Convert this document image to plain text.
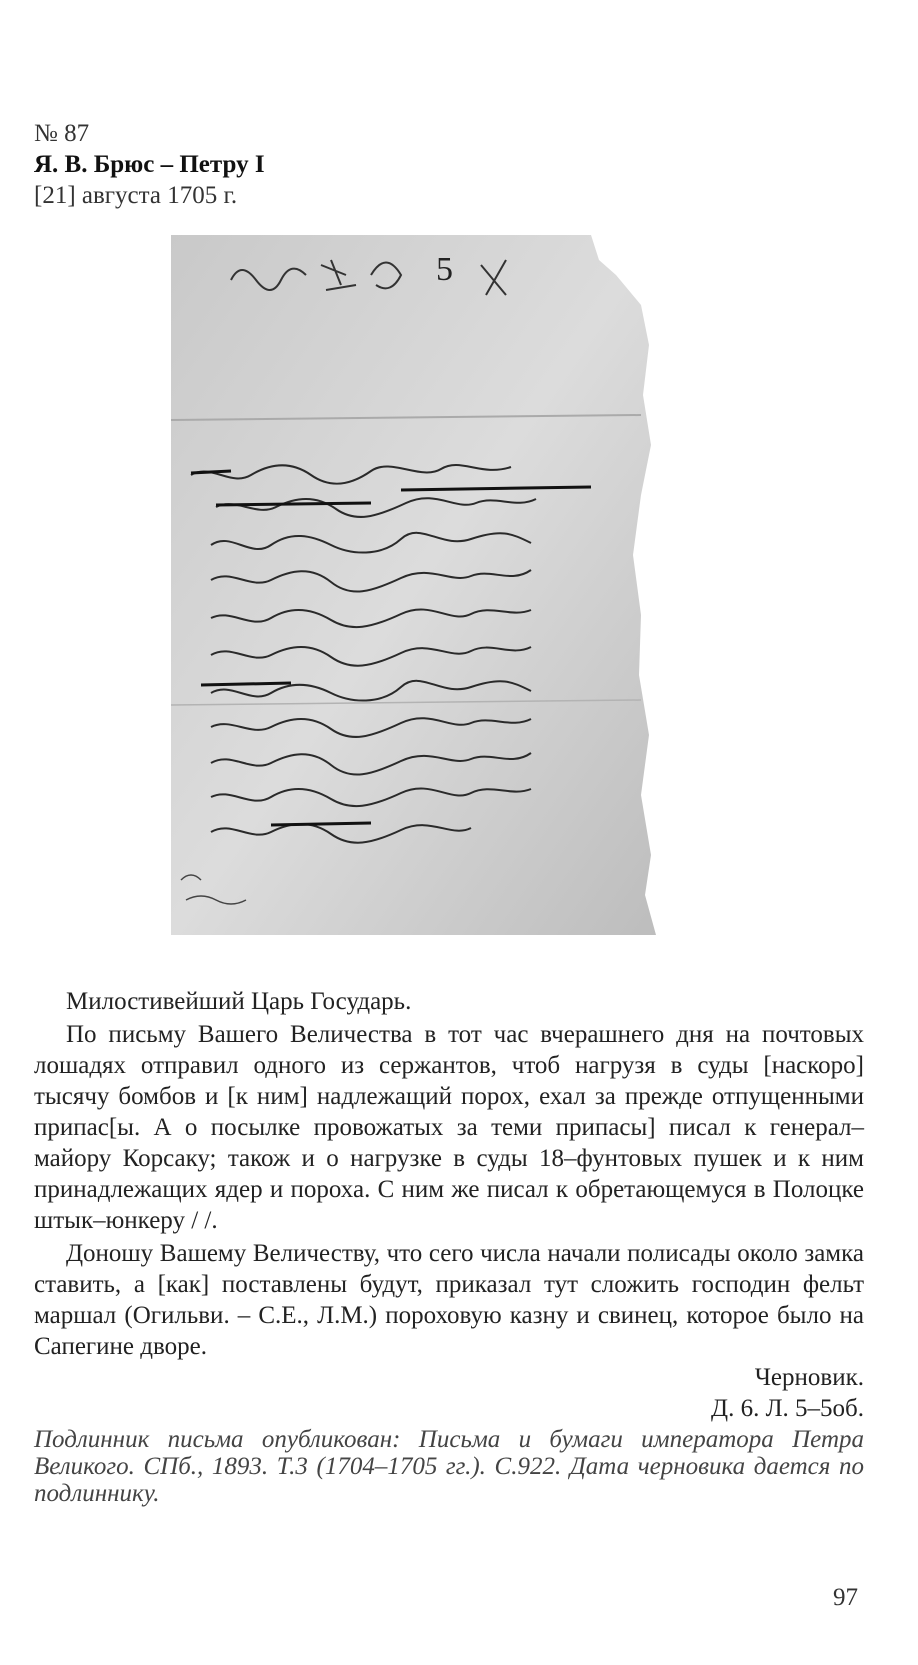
№ 87
Я. В. Брюс – Петру I
[21] августа 1705 г.
5

Милостивейший Царь Государь.

По письму Вашего Величества в тот час вчерашнего дня на почтовых лошадях отправил одного из сержантов, чтоб нагрузя в суды [наскоро] тысячу бомбов и [к ним] надлежащий порох, ехал за прежде отпущенными припас[ы. А о посылке провожатых за теми припасы] писал к генерал–майору Корсаку; також и о нагрузке в суды 18–фунтовых пушек и к ним принадлежащих ядер и пороха. С ним же писал к обретающемуся в Полоцке штык–юнкеру / /.

Доношу Вашему Величеству, что сего числа начали полисады около замка ставить, а [как] поставлены будут, приказал тут сложить господин фельт маршал (Огильви. – С.Е., Л.М.) пороховую казну и свинец, которое было на Сапегине дворе.

Черновик.

Д. 6. Л. 5–5об.

Подлинник письма опубликован: Письма и бумаги императора Петра Великого. СПб., 1893. Т.3 (1704–1705 гг.). С.922. Дата черновика дается по подлиннику.

97
